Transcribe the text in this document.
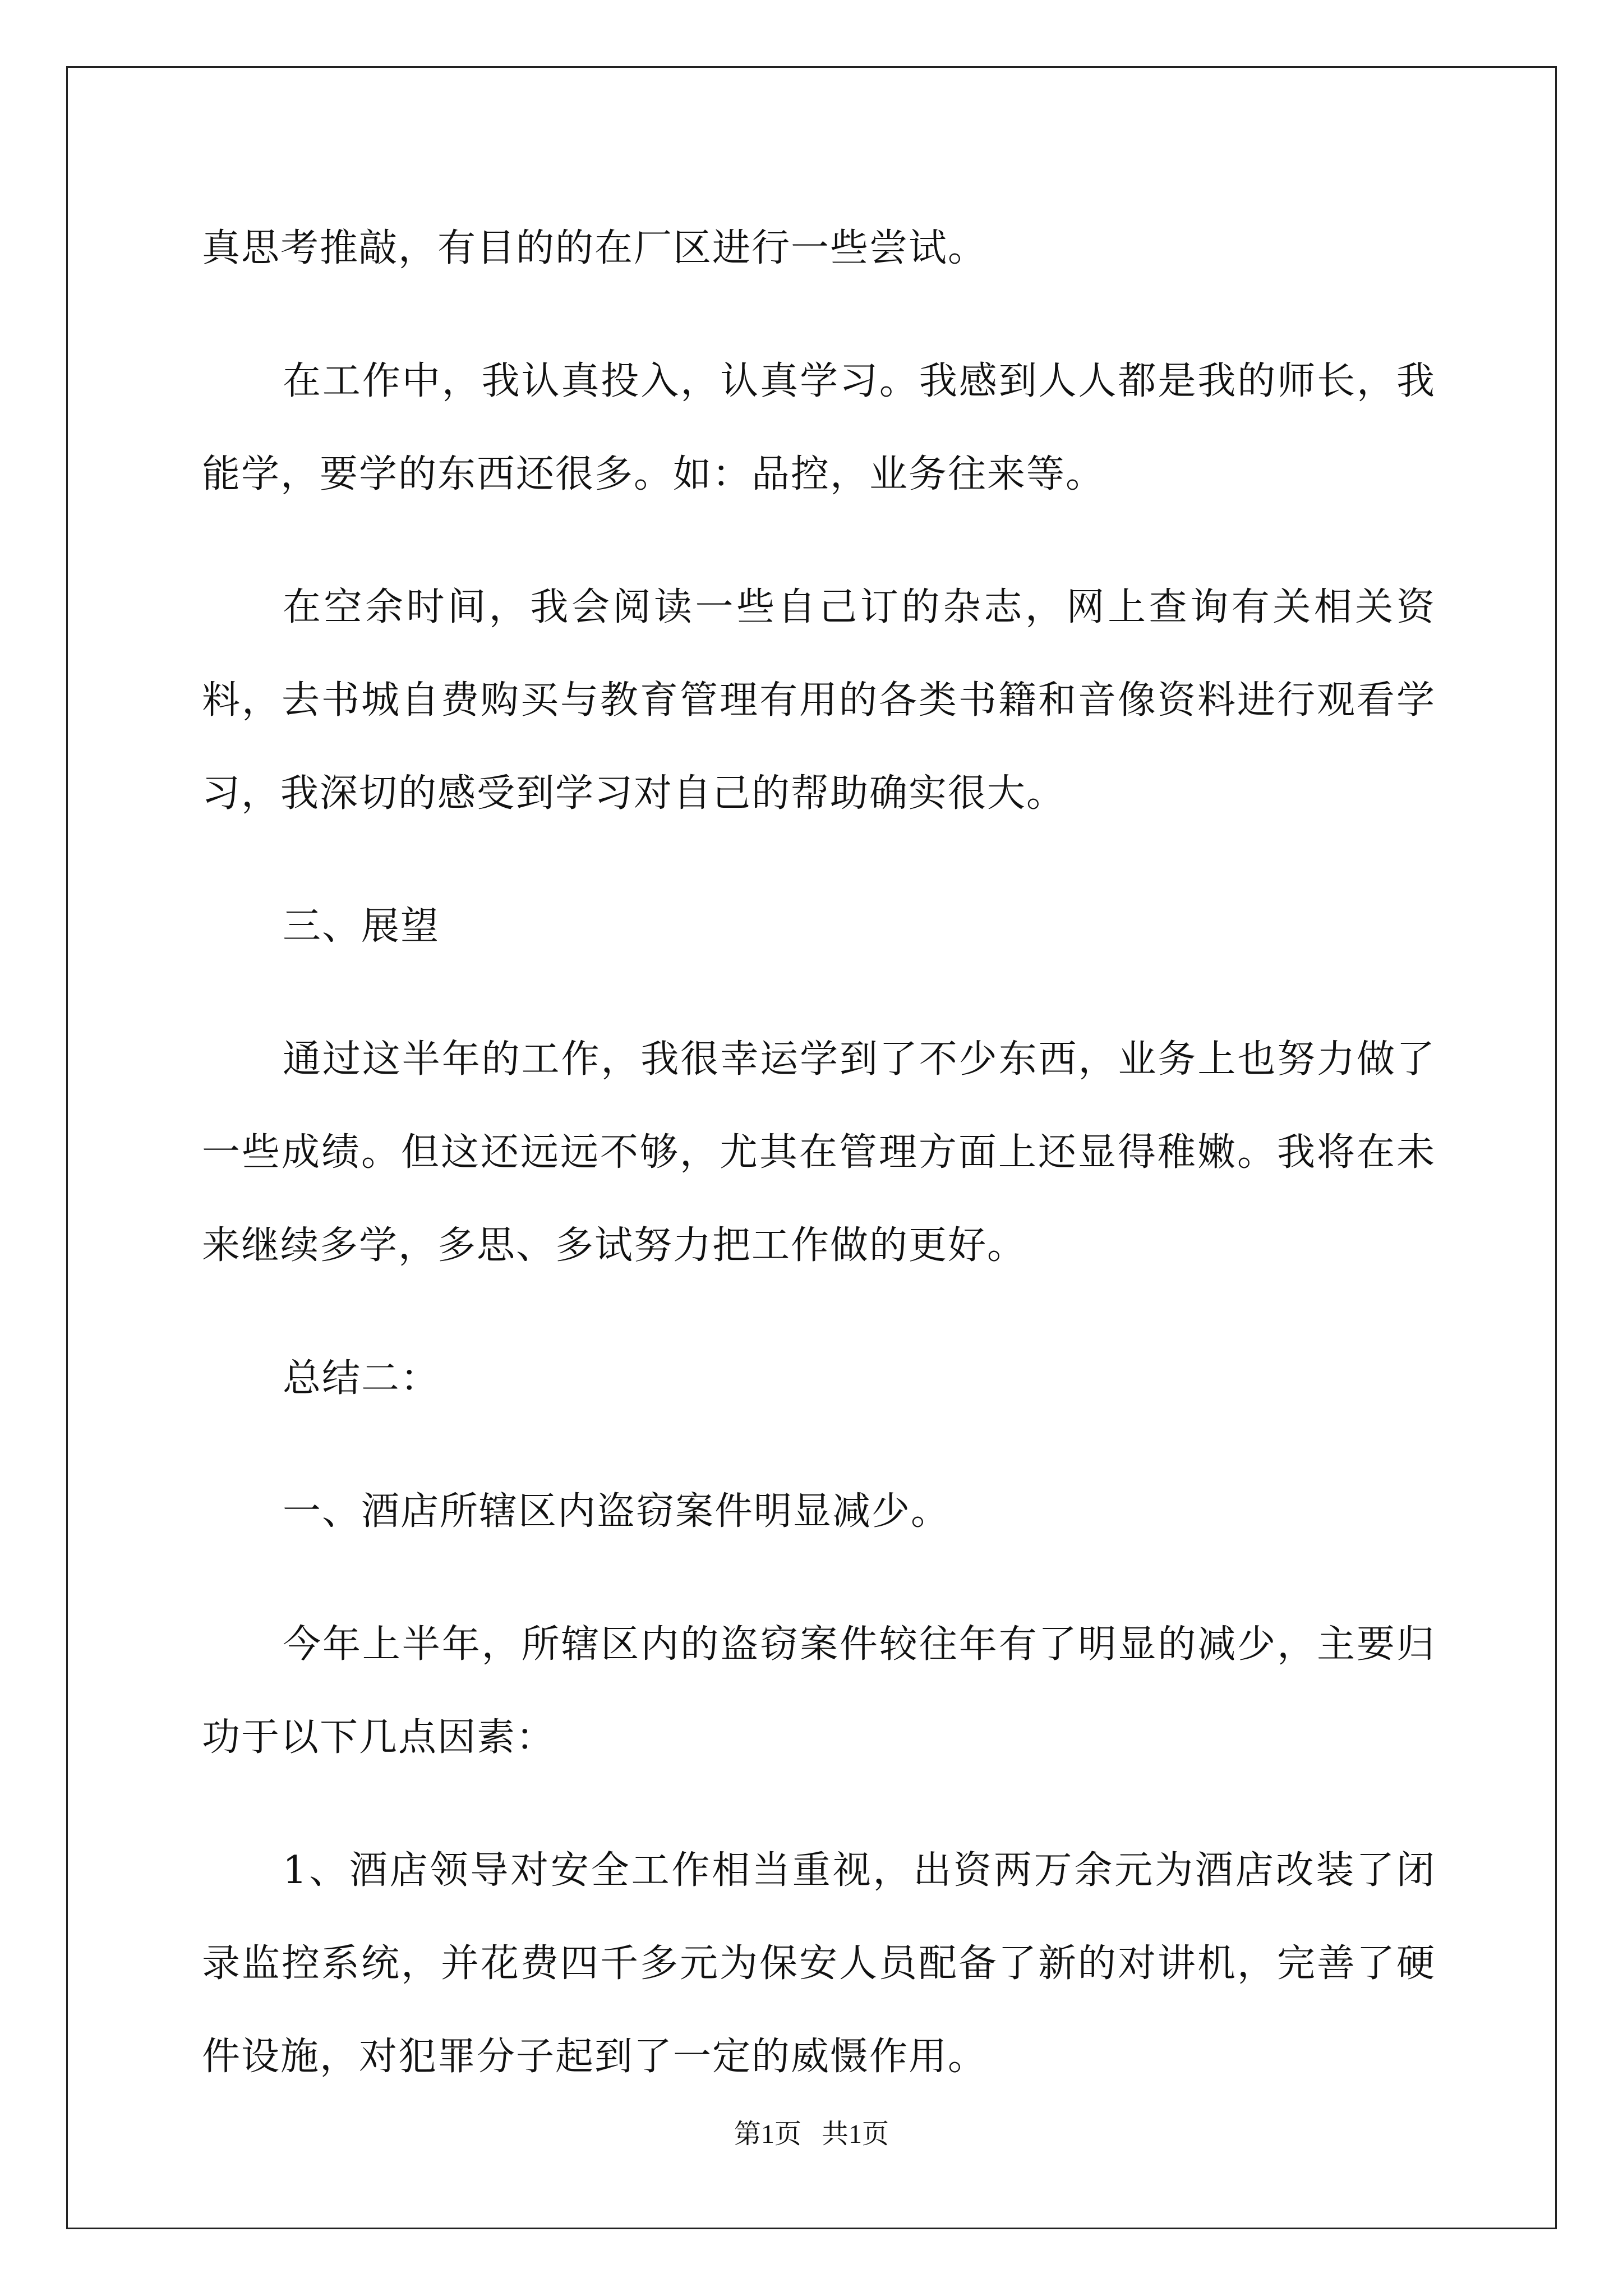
真思考推敲，有目的的在厂区进行一些尝试。

在工作中，我认真投入，认真学习。我感到人人都是我的师长，我能学，要学的东西还很多。如：品控，业务往来等。

在空余时间，我会阅读一些自己订的杂志，网上查询有关相关资料，去书城自费购买与教育管理有用的各类书籍和音像资料进行观看学习，我深切的感受到学习对自己的帮助确实很大。

三、展望

通过这半年的工作，我很幸运学到了不少东西，业务上也努力做了一些成绩。但这还远远不够，尤其在管理方面上还显得稚嫩。我将在未来继续多学，多思、多试努力把工作做的更好。

总结二：

一、酒店所辖区内盗窃案件明显减少。

今年上半年，所辖区内的盗窃案件较往年有了明显的减少，主要归功于以下几点因素：

1、酒店领导对安全工作相当重视，出资两万余元为酒店改装了闭录监控系统，并花费四千多元为保安人员配备了新的对讲机，完善了硬件设施，对犯罪分子起到了一定的威慑作用。

第1页   共1页
